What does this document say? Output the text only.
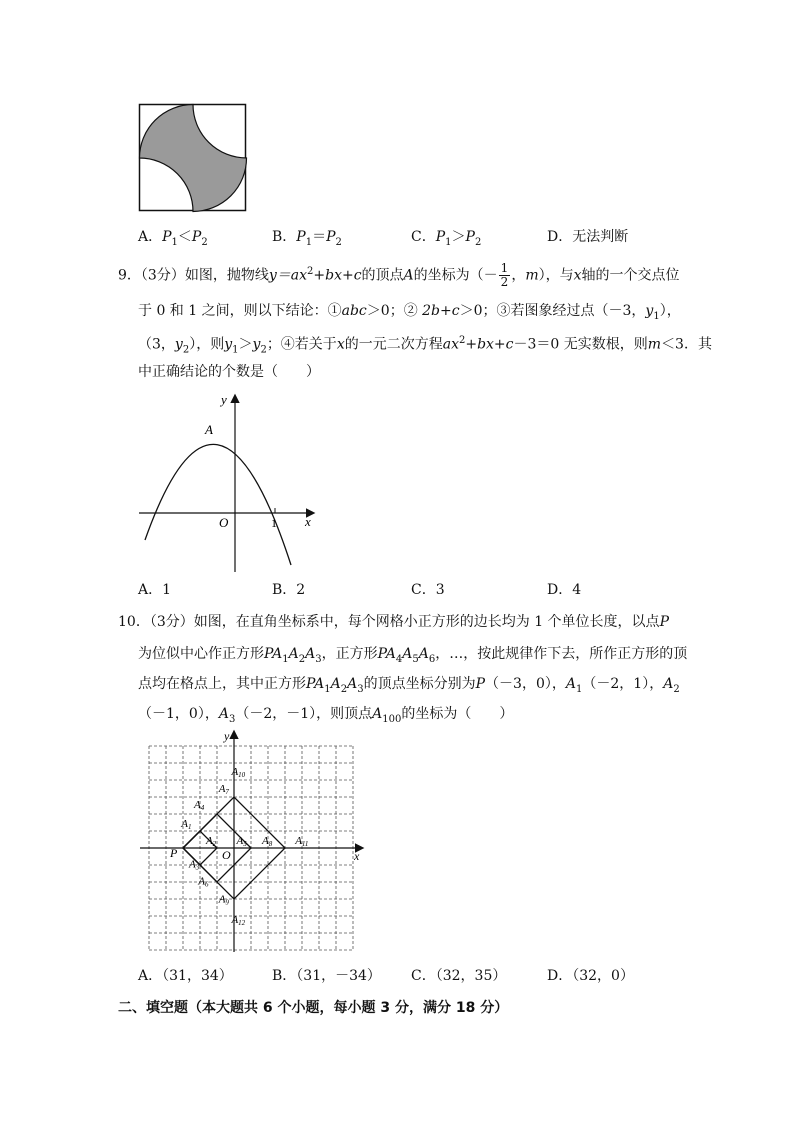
A．$P_1<P_2$	B．$P_1=P_2$	C．$P_1>P_2$	D．无法判断
9．（3分）如图，抛物线$y=ax^2+bx+c$的顶点A的坐标为（－ $\frac{1}{2}$ ，m），与x轴的一个交点位
于 0 和 1 之间，则以下结论：①abc＞0；② 2b+c＞0；③若图象经过点（－3，$y_1$），
（3，$y_2$），则$y_1>y_2$；④若关于x的一元二次方程$ax^2+bx+c-3=0$ 无实数根，则m＜3．其
中正确结论的个数是（　　）
y
x
A
O	1
A．1	B．2	C．3	D．4
10．（3分）如图，在直角坐标系中，每个网格小正方形的边长均为 1 个单位长度，以点P
为位似中心作正方形$PA_1A_2A_3$，正方形$PA_4A_5A_6$，…，按此规律作下去，所作正方形的顶
点均在格点上，其中正方形$PA_1A_2A_3$的顶点坐标分别为P（－3，0），$A_1(-2$，1），$A_2$
（－1，0），$A_3(-2$，－1），则顶点$A_{100}$的坐标为（　　）
y
x
P	O
A1
A2
A3
A4
A5
A6
A7
A8
A9
A10
A11
A12
A．（31，34）	B．（31，－34） C．（32，35）	D．（32，0）
二、填空题（本大题共 6 个小题，每小题 3 分，满分 18 分）
